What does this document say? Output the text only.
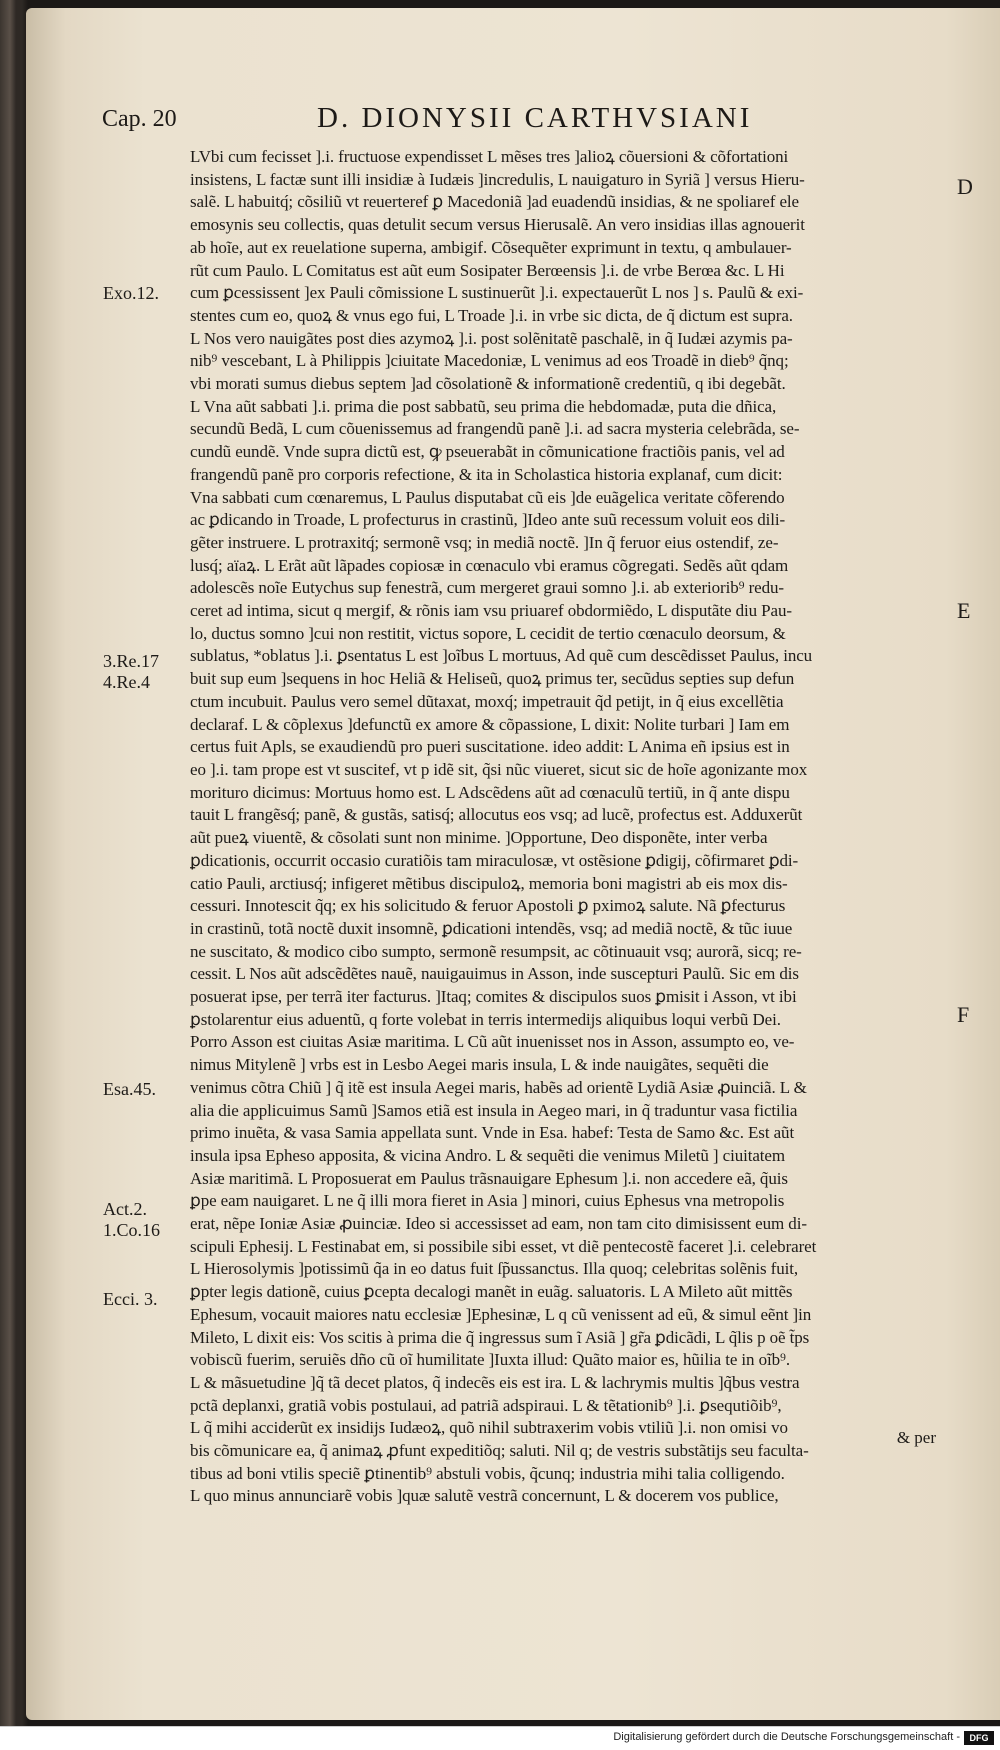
Cap. 20	D. DIONYSII CARTHVSIANI
LVbi cum fecisset ].i. fructuose expendisset L mẽses tres ]alioꝝ cõuersioni & cõfortationi
insistens, L factæ sunt illi insidiæ à Iudæis ]incredulis, L nauigaturo in Syriã ] versus Hieru-
salẽ. L habuitq́; cõsiliũ vt reuerteref ꝑ Macedoniã ]ad euadendũ insidias, & ne spoliaref ele
emosynis seu collectis, quas detulit secum versus Hierusalẽ. An vero insidias illas agnouerit
ab hoĩe, aut ex reuelatione superna, ambigif. Cõsequẽter exprimunt in textu, q ambulauer-
rũt cum Paulo. L Comitatus est aũt eum Sosipater Berœensis ].i. de vrbe Berœa &c. L Hi
cum ꝑcessissent ]ex Pauli cõmissione L sustinuerũt ].i. expectauerũt L nos ] s. Paulũ & exi-
stentes cum eo, quoꝝ & vnus ego fui, L Troade ].i. in vrbe sic dicta, de q̃ dictum est supra.
L Nos vero nauigãtes post dies azymoꝝ ].i. post solẽnitatẽ paschalẽ, in q̃ Iudæi azymis pa-
nib⁹ vescebant, L à Philippis ]ciuitate Macedoniæ, L venimus ad eos Troadẽ in dieb⁹ q̃nq;
vbi morati sumus diebus septem ]ad cõsolationẽ & informationẽ credentiũ, q ibi degebãt.
L Vna aũt sabbati ].i. prima die post sabbatũ, seu prima die hebdomadæ, puta die dñica,
secundũ Bedã, L cum cõuenissemus ad frangendũ panẽ ].i. ad sacra mysteria celebrãda, se-
cundũ eundẽ. Vnde supra dictũ est, ꝙ pseuerabãt in cõmunicatione fractiõis panis, vel ad
frangendũ panẽ pro corporis refectione, & ita in Scholastica historia explanaf, cum dicit:
Vna sabbati cum cœnaremus, L Paulus disputabat cũ eis ]de euãgelica veritate cõferendo
ac ꝑdicando in Troade, L profecturus in crastinũ, ]Ideo ante suũ recessum voluit eos dili-
gẽter instruere. L protraxitq́; sermonẽ vsq; in mediã noctẽ. ]In q̃ feruor eius ostendif, ze-
lusq́; aïaꝝ. L Erãt aũt lãpades copiosæ in cœnaculo vbi eramus cõgregati. Sedẽs aũt qdam
adolescẽs noĩe Eutychus sup fenestrã, cum mergeret graui somno ].i. ab exteriorib⁹ redu-
ceret ad intima, sicut q mergif, & rõnis iam vsu priuaref obdormiẽdo, L disputãte diu Pau-
lo, ductus somno ]cui non restitit, victus sopore, L cecidit de tertio cœnaculo deorsum, &
sublatus, *oblatus ].i. ꝑsentatus L est ]oĩbus L mortuus, Ad quẽ cum descẽdisset Paulus, incu
buit sup eum ]sequens in hoc Heliã & Heliseũ, quoꝝ primus ter, secũdus septies sup defun
ctum incubuit. Paulus vero semel dũtaxat, moxq́; impetrauit q̃d petijt, in q̃ eius excellẽtia
declaraf. L & cõplexus ]defunctũ ex amore & cõpassione, L dixit: Nolite turbari ] Iam em
certus fuit Apls, se exaudiendũ pro pueri suscitatione. ideo addit: L Anima eñ ipsius est in
eo ].i. tam prope est vt suscitef, vt p idẽ sit, q̃si nũc viueret, sicut sic de hoĩe agonizante mox
morituro dicimus: Mortuus homo est. L Adscẽdens aũt ad cœnaculũ tertiũ, in q̃ ante dispu
tauit L frangẽsq́; panẽ, & gustãs, satisq́; allocutus eos vsq; ad lucẽ, profectus est. Adduxerũt
aũt pueꝝ viuentẽ, & cõsolati sunt non minime. ]Opportune, Deo disponẽte, inter verba
ꝑdicationis, occurrit occasio curatiõis tam miraculosæ, vt ostẽsione ꝑdigij, cõfirmaret ꝑdi-
catio Pauli, arctiusq́; infigeret mẽtibus discipuloꝝ, memoria boni magistri ab eis mox dis-
cessuri. Innotescit q̃q; ex his solicitudo & feruor Apostoli ꝑ pximoꝝ salute. Nã ꝑfecturus
in crastinũ, totã noctẽ duxit insomnẽ, ꝑdicationi intendẽs, vsq; ad mediã noctẽ, & tũc iuue
ne suscitato, & modico cibo sumpto, sermonẽ resumpsit, ac cõtinuauit vsq; aurorã, sicq; re-
cessit. L Nos aũt adscẽdẽtes nauẽ, nauigauimus in Asson, inde suscepturi Paulũ. Sic em dis
posuerat ipse, per terrã iter facturus. ]Itaq; comites & discipulos suos ꝑmisit i Asson, vt ibi
ꝑstolarentur eius aduentũ, q forte volebat in terris intermedijs aliquibus loqui verbũ Dei.
Porro Asson est ciuitas Asiæ maritima. L Cũ aũt inuenisset nos in Asson, assumpto eo, ve-
nimus Mitylenẽ ] vrbs est in Lesbo Aegei maris insula, L & inde nauigãtes, sequẽti die
venimus cõtra Chiũ ] q̃ itẽ est insula Aegei maris, habẽs ad orientẽ Lydiã Asiæ ꝓuinciã. L &
alia die applicuimus Samũ ]Samos etiã est insula in Aegeo mari, in q̃ traduntur vasa fictilia
primo inuẽta, & vasa Samia appellata sunt. Vnde in Esa. habef: Testa de Samo &c. Est aũt
insula ipsa Epheso apposita, & vicina Andro. L & sequẽti die venimus Miletũ ] ciuitatem
Asiæ maritimã. L Proposuerat em Paulus trãsnauigare Ephesum ].i. non accedere eã, q̃uis
ꝑpe eam nauigaret. L ne q̃ illi mora fieret in Asia ] minori, cuius Ephesus vna metropolis
erat, nẽpe Ioniæ Asiæ ꝓuinciæ. Ideo si accessisset ad eam, non tam cito dimisissent eum di-
scipuli Ephesij. L Festinabat em, si possibile sibi esset, vt diẽ pentecostẽ faceret ].i. celebraret
L Hierosolymis ]potissimũ q̃a in eo datus fuit ſp̃ussanctus. Illa quoq; celebritas solẽnis fuit,
ꝑpter legis dationẽ, cuius ꝑcepta decalogi manẽt in euãg. saluatoris. L A Mileto aũt mittẽs
Ephesum, vocauit maiores natu ecclesiæ ]Ephesinæ, L q cũ venissent ad eũ, & simul eẽnt ]in
Mileto, L dixit eis: Vos scitis à prima die q̃ ingressus sum ĩ Asiã ] gr̃a ꝑdicãdi, L q̃lis p oẽ t̃ps
vobiscũ fuerim, seruiẽs dño cũ oĩ humilitate ]Iuxta illud: Quãto maior es, hũilia te in oĩb⁹.
L & mãsuetudine ]q̃ tã decet platos, q̃ indecẽs eis est ira. L & lachrymis multis ]q̃bus vestra
pctã deplanxi, gratiã vobis postulaui, ad patriã adspiraui. L & tẽtationib⁹ ].i. ꝑsequtiõib⁹,
L q̃ mihi acciderũt ex insidijs Iudæoꝝ, quõ nihil subtraxerim vobis vtiliũ ].i. non omisi vo
bis cõmunicare ea, q̃ animaꝝ ꝓfunt expeditiõq; saluti. Nil q; de vestris substãtijs seu faculta-
tibus ad boni vtilis speciẽ ꝑtinentib⁹ abstuli vobis, q̃cunq; industria mihi talia colligendo.
L quo minus annunciarẽ vobis ]quæ salutẽ vestrã concernunt, L & docerem vos publice,
Exo.12.
3.Re.17
4.Re.4
Esa.45.
Act.2.
1.Co.16
Ecci. 3.
D
E
F
& per
Digitalisierung gefördert durch die Deutsche Forschungsgemeinschaft -	DFG
